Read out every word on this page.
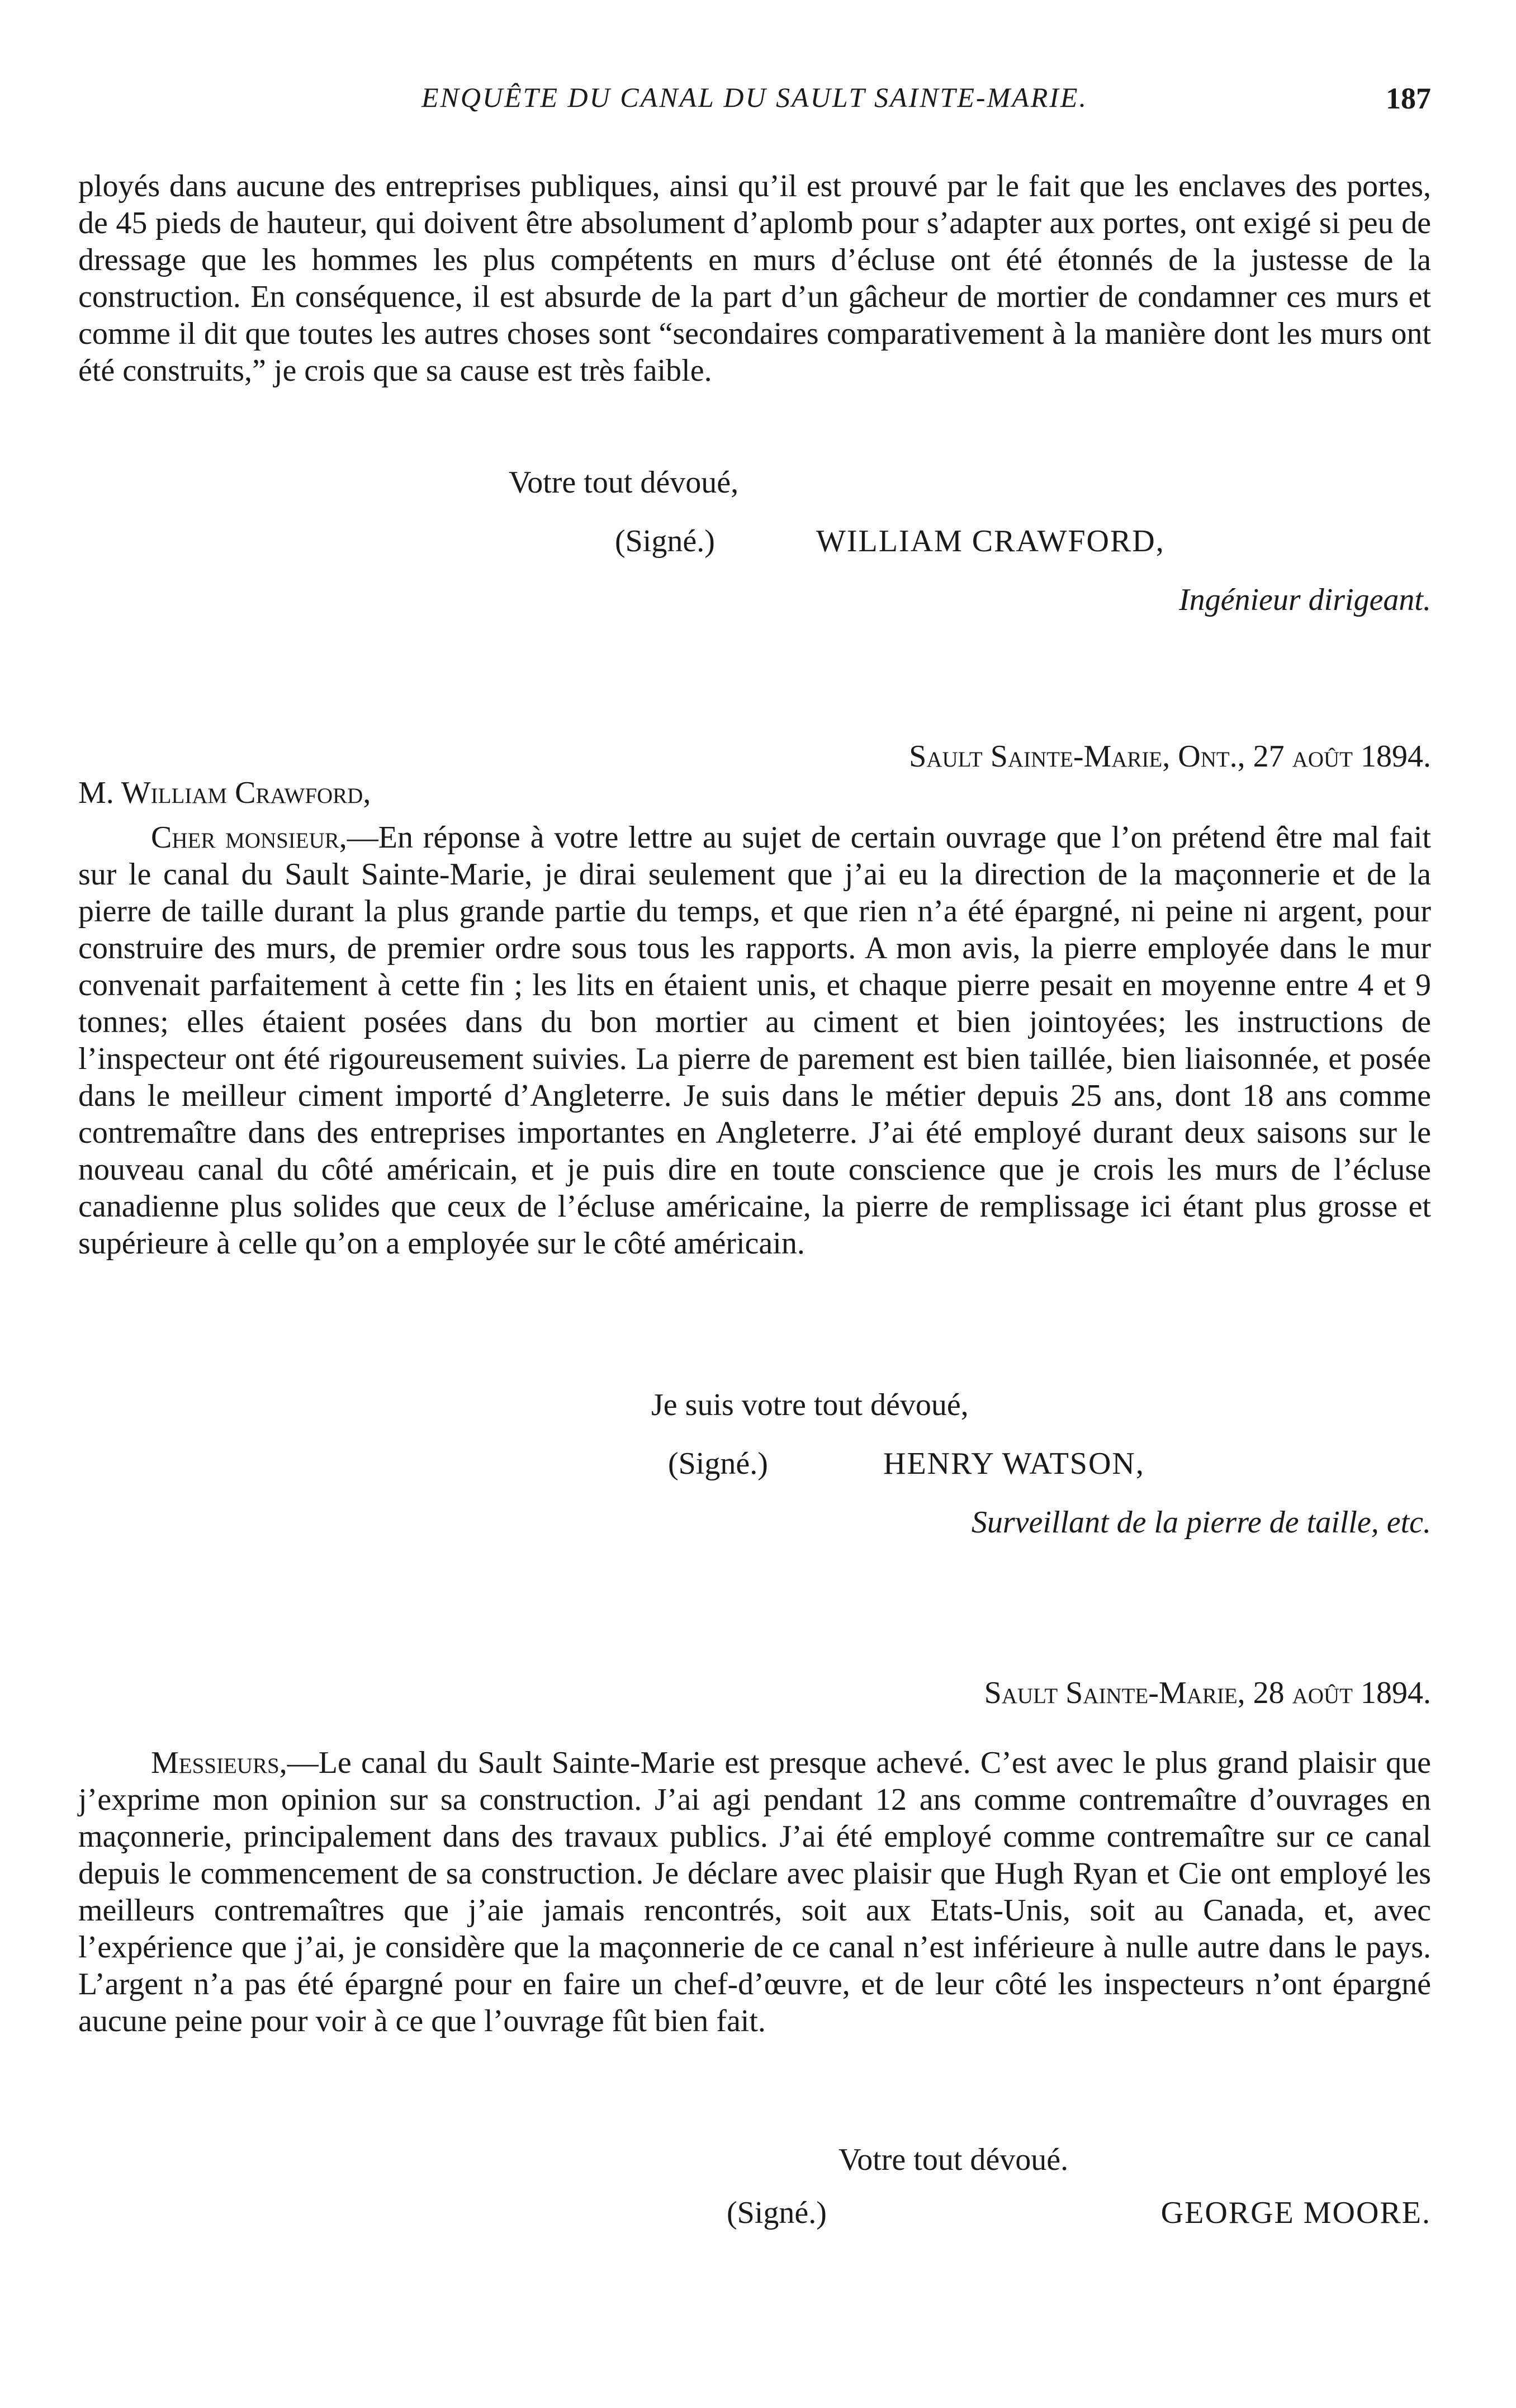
ENQUÊTE DU CANAL DU SAULT SAINTE-MARIE.	187

ployés dans aucune des entreprises publiques, ainsi qu’il est prouvé par le fait que les enclaves des portes, de 45 pieds de hauteur, qui doivent être absolument d’aplomb pour s’adapter aux portes, ont exigé si peu de dressage que les hommes les plus compétents en murs d’écluse ont été étonnés de la justesse de la construction. En conséquence, il est absurde de la part d’un gâcheur de mortier de condamner ces murs et comme il dit que toutes les autres choses sont “secondaires comparativement à la manière dont les murs ont été construits,” je crois que sa cause est très faible.

Votre tout dévoué,
(Signé.)	WILLIAM CRAWFORD,
Ingénieur dirigeant.
Sault Sainte-Marie, Ont., 27 août 1894.
M. William Crawford,

Cher monsieur,—En réponse à votre lettre au sujet de certain ouvrage que l’on prétend être mal fait sur le canal du Sault Sainte-Marie, je dirai seulement que j’ai eu la direction de la maçonnerie et de la pierre de taille durant la plus grande partie du temps, et que rien n’a été épargné, ni peine ni argent, pour construire des murs, de premier ordre sous tous les rapports. A mon avis, la pierre employée dans le mur convenait parfaitement à cette fin ; les lits en étaient unis, et chaque pierre pesait en moyenne entre 4 et 9 tonnes; elles étaient posées dans du bon mortier au ciment et bien jointoyées; les instructions de l’inspecteur ont été rigoureusement suivies. La pierre de parement est bien taillée, bien liaisonnée, et posée dans le meilleur ciment importé d’Angleterre. Je suis dans le métier depuis 25 ans, dont 18 ans comme contremaître dans des entreprises importantes en Angleterre. J’ai été employé durant deux saisons sur le nouveau canal du côté américain, et je puis dire en toute conscience que je crois les murs de l’écluse canadienne plus solides que ceux de l’écluse américaine, la pierre de remplissage ici étant plus grosse et supérieure à celle qu’on a employée sur le côté américain.

Je suis votre tout dévoué,
(Signé.)	HENRY WATSON,
Surveillant de la pierre de taille, etc.
Sault Sainte-Marie, 28 août 1894.

Messieurs,—Le canal du Sault Sainte-Marie est presque achevé. C’est avec le plus grand plaisir que j’exprime mon opinion sur sa construction. J’ai agi pendant 12 ans comme contremaître d’ouvrages en maçonnerie, principalement dans des travaux publics. J’ai été employé comme contremaître sur ce canal depuis le commencement de sa construction. Je déclare avec plaisir que Hugh Ryan et Cie ont employé les meilleurs contremaîtres que j’aie jamais rencontrés, soit aux Etats-Unis, soit au Canada, et, avec l’expérience que j’ai, je considère que la maçonnerie de ce canal n’est inférieure à nulle autre dans le pays. L’argent n’a pas été épargné pour en faire un chef-d’œuvre, et de leur côté les inspecteurs n’ont épargné aucune peine pour voir à ce que l’ouvrage fût bien fait.

Votre tout dévoué.
(Signé.)	GEORGE MOORE.
